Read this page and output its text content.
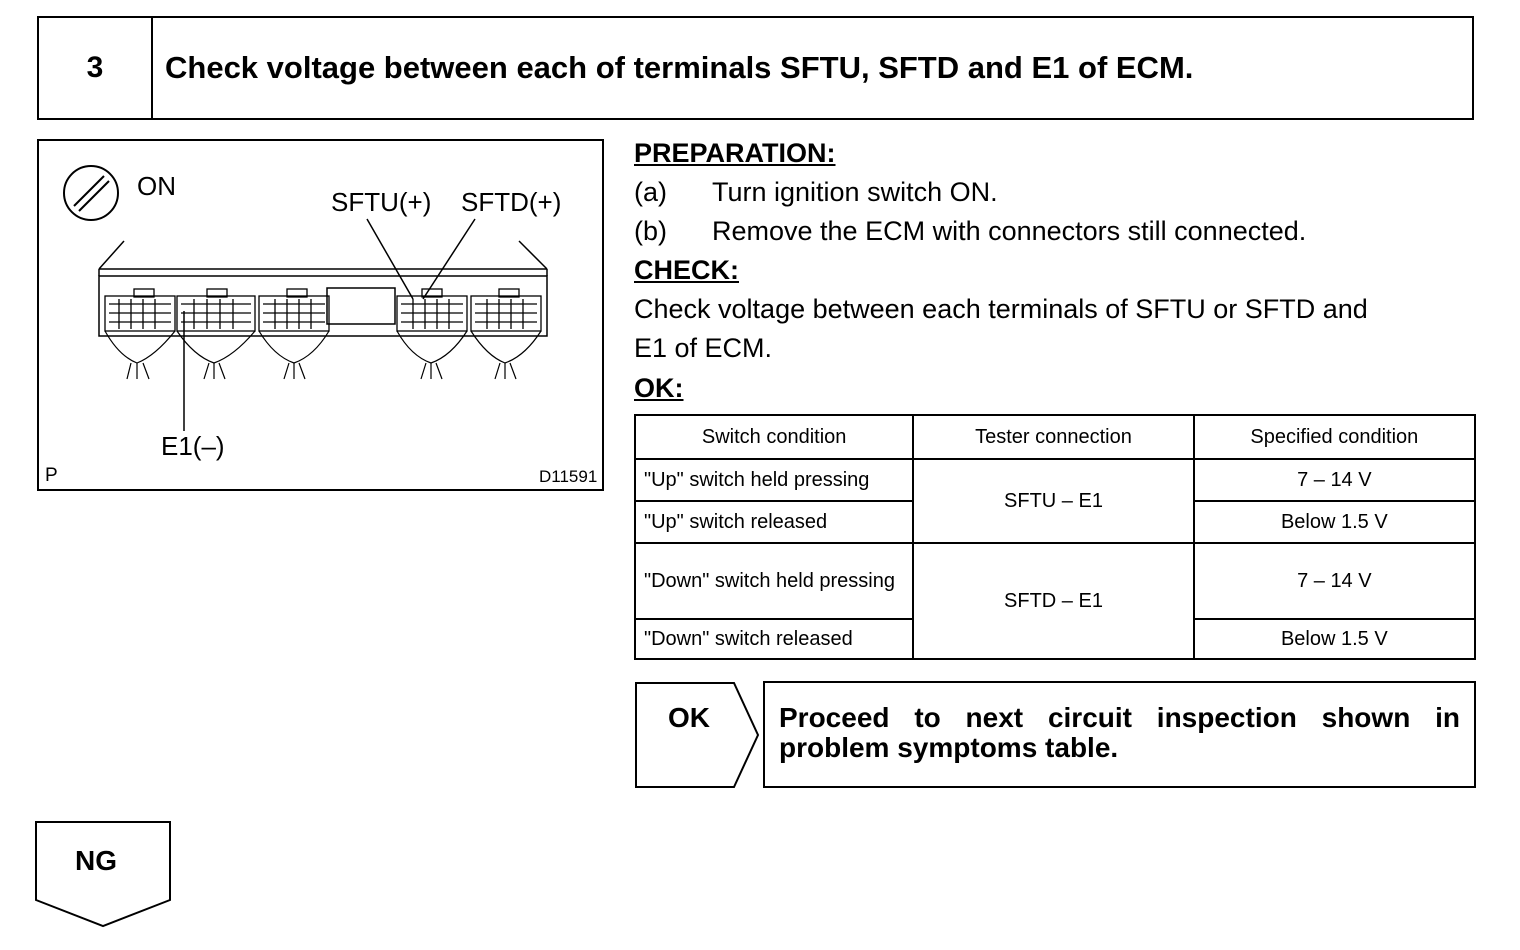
3	Check voltage between each of terminals SFTU, SFTD and E1 of ECM.
ON
SFTU(+) SFTD(+)
E1(–)
P	D11591
PREPARATION:
(a) Turn ignition switch ON.
(b) Remove the ECM with connectors still connected.
CHECK:
Check voltage between each terminals of SFTU or SFTD and
E1 of ECM.
OK:
Switch condition	Tester connection	Specified condition
"Up" switch held pressing	SFTU – E1	7 – 14 V
"Up" switch released		Below 1.5 V
"Down" switch held pressing	SFTD – E1	7 – 14 V
"Down" switch released		Below 1.5 V
OK	Proceed to next circuit inspection shown in problem symptoms table.
NG
